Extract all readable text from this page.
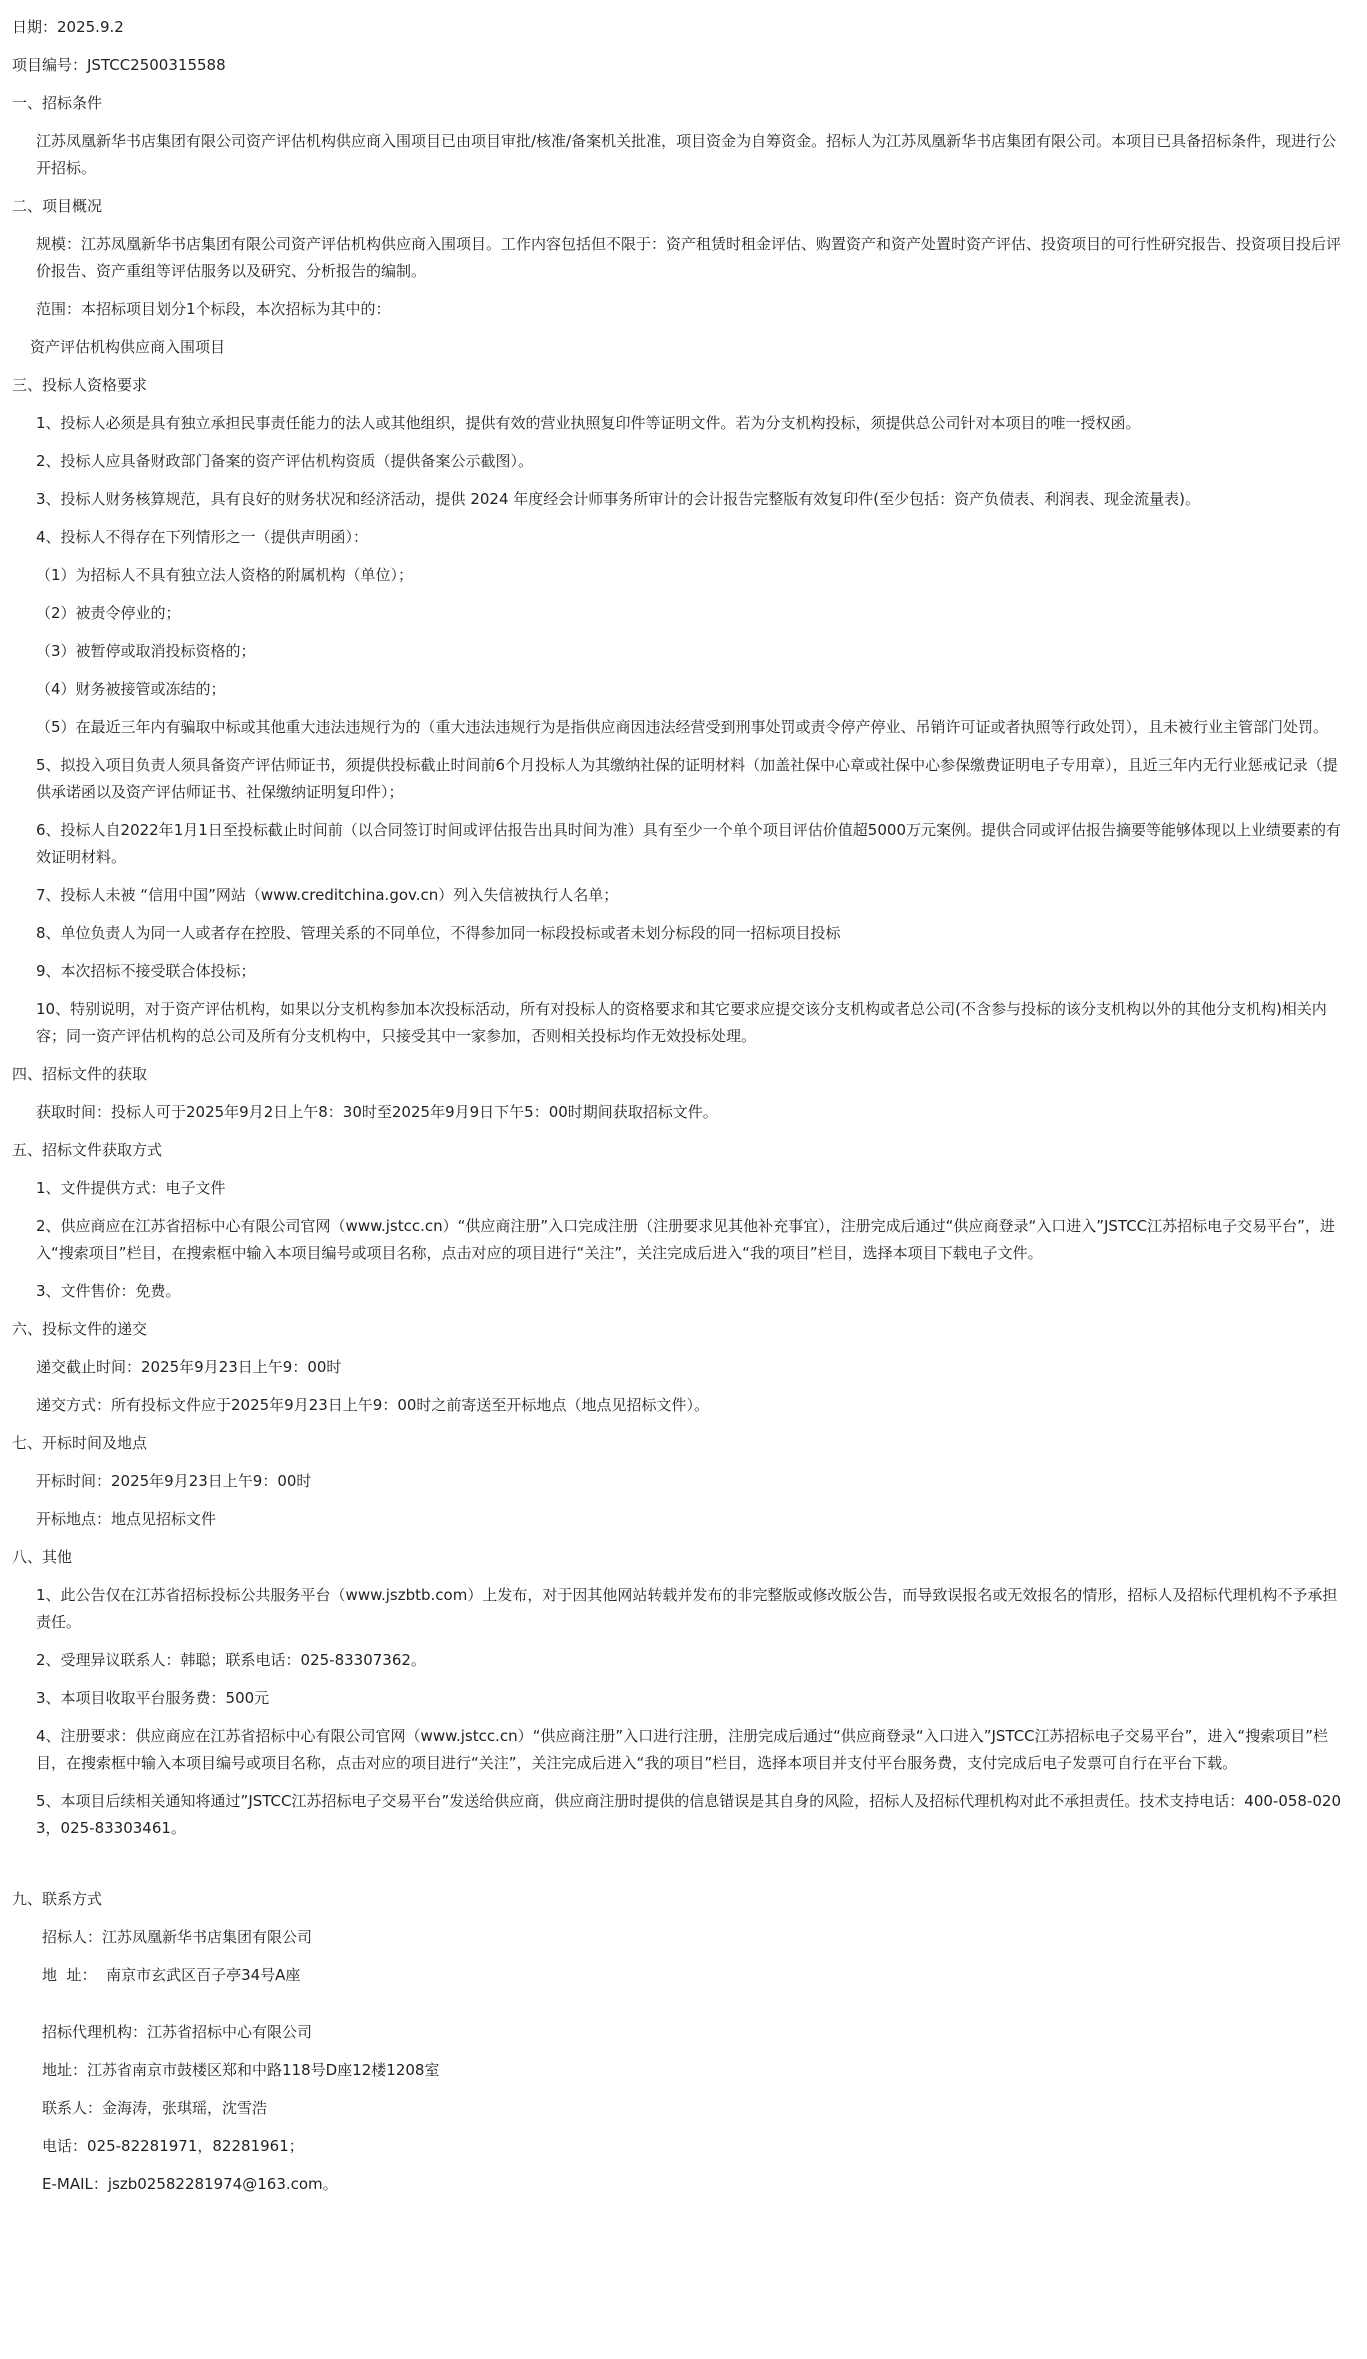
日期：2025.9.2
项目编号：JSTCC2500315588
一、招标条件
江苏凤凰新华书店集团有限公司资产评估机构供应商入围项目已由项目审批/核准/备案机关批准，项目资金为自筹资金。招标人为江苏凤凰新华书店集团有限公司。本项目已具备招标条件，现进行公开招标。
二、项目概况
规模：江苏凤凰新华书店集团有限公司资产评估机构供应商入围项目。工作内容包括但不限于：资产租赁时租金评估、购置资产和资产处置时资产评估、投资项目的可行性研究报告、投资项目投后评价报告、资产重组等评估服务以及研究、分析报告的编制。
范围：本招标项目划分1个标段，本次招标为其中的：
资产评估机构供应商入围项目
三、投标人资格要求
1、投标人必须是具有独立承担民事责任能力的法人或其他组织，提供有效的营业执照复印件等证明文件。若为分支机构投标，须提供总公司针对本项目的唯一授权函。
2、投标人应具备财政部门备案的资产评估机构资质（提供备案公示截图）。
3、投标人财务核算规范，具有良好的财务状况和经济活动，提供 2024 年度经会计师事务所审计的会计报告完整版有效复印件(至少包括：资产负债表、利润表、现金流量表)。
4、投标人不得存在下列情形之一（提供声明函）：
（1）为招标人不具有独立法人资格的附属机构（单位）；
（2）被责令停业的；
（3）被暂停或取消投标资格的；
（4）财务被接管或冻结的；
（5）在最近三年内有骗取中标或其他重大违法违规行为的（重大违法违规行为是指供应商因违法经营受到刑事处罚或责令停产停业、吊销许可证或者执照等行政处罚），且未被行业主管部门处罚。
5、拟投入项目负责人须具备资产评估师证书，须提供投标截止时间前6个月投标人为其缴纳社保的证明材料（加盖社保中心章或社保中心参保缴费证明电子专用章），且近三年内无行业惩戒记录（提供承诺函以及资产评估师证书、社保缴纳证明复印件）；
6、投标人自2022年1月1日至投标截止时间前（以合同签订时间或评估报告出具时间为准）具有至少一个单个项目评估价值超5000万元案例。提供合同或评估报告摘要等能够体现以上业绩要素的有效证明材料。
7、投标人未被 “信用中国”网站（www.creditchina.gov.cn）列入失信被执行人名单；
8、单位负责人为同一人或者存在控股、管理关系的不同单位，不得参加同一标段投标或者未划分标段的同一招标项目投标
9、本次招标不接受联合体投标；
10、特别说明，对于资产评估机构，如果以分支机构参加本次投标活动，所有对投标人的资格要求和其它要求应提交该分支机构或者总公司(不含参与投标的该分支机构以外的其他分支机构)相关内容；同一资产评估机构的总公司及所有分支机构中，只接受其中一家参加，否则相关投标均作无效投标处理。
四、招标文件的获取
获取时间：投标人可于2025年9月2日上午8：30时至2025年9月9日下午5：00时期间获取招标文件。
五、招标文件获取方式
1、文件提供方式：电子文件
2、供应商应在江苏省招标中心有限公司官网（www.jstcc.cn）“供应商注册”入口完成注册（注册要求见其他补充事宜），注册完成后通过“供应商登录“入口进入”JSTCC江苏招标电子交易平台”，进入“搜索项目”栏目，在搜索框中输入本项目编号或项目名称，点击对应的项目进行“关注”，关注完成后进入“我的项目”栏目，选择本项目下载电子文件。
3、文件售价：免费。
六、投标文件的递交
递交截止时间：2025年9月23日上午9：00时
递交方式：所有投标文件应于2025年9月23日上午9：00时之前寄送至开标地点（地点见招标文件）。
七、开标时间及地点
开标时间：2025年9月23日上午9：00时
开标地点：地点见招标文件
八、其他
1、此公告仅在江苏省招标投标公共服务平台（www.jszbtb.com）上发布，对于因其他网站转载并发布的非完整版或修改版公告，而导致误报名或无效报名的情形，招标人及招标代理机构不予承担责任。
2、受理异议联系人：韩聪；联系电话：025-83307362。
3、本项目收取平台服务费：500元
4、注册要求：供应商应在江苏省招标中心有限公司官网（www.jstcc.cn）“供应商注册”入口进行注册，注册完成后通过“供应商登录“入口进入”JSTCC江苏招标电子交易平台”，进入“搜索项目”栏目，在搜索框中输入本项目编号或项目名称，点击对应的项目进行“关注”，关注完成后进入“我的项目”栏目，选择本项目并支付平台服务费，支付完成后电子发票可自行在平台下载。
5、本项目后续相关通知将通过”JSTCC江苏招标电子交易平台”发送给供应商，供应商注册时提供的信息错误是其自身的风险，招标人及招标代理机构对此不承担责任。技术支持电话：400-058-0203，025-83303461。
九、联系方式
招标人：江苏凤凰新华书店集团有限公司
地  址：  南京市玄武区百子亭34号A座
招标代理机构：江苏省招标中心有限公司
地址：江苏省南京市鼓楼区郑和中路118号D座12楼1208室
联系人：金海涛，张琪瑶，沈雪浩
电话：025-82281971，82281961；
E-MAIL：jszb02582281974@163.com。
